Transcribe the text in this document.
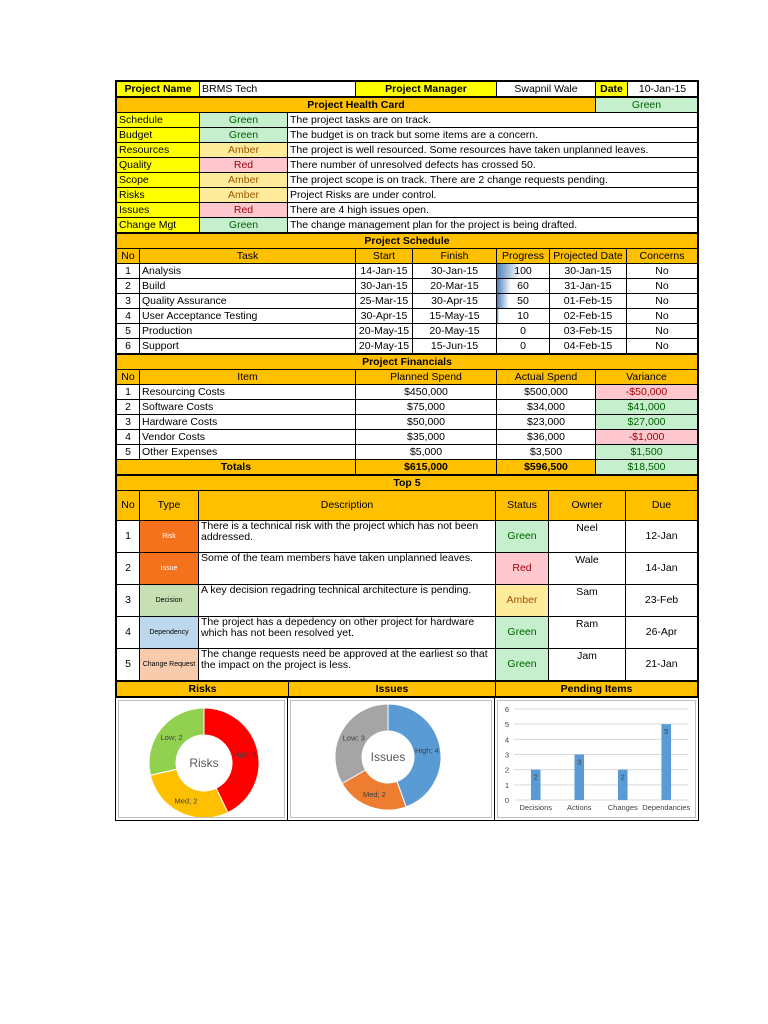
Project Name	BRMS Tech	Project Manager	Swapnil Wale	Date	10-Jan-15
Project Health Card			Green
Schedule	Green	The project tasks are on track.	
Budget	Green	The budget is on track but some items are a concern.	
Resources	Amber	The project is well resourced. Some resources have taken unplanned leaves.	
Quality	Red	There number of unresolved defects has crossed 50.	
Scope	Amber	The project scope is on track. There are 2 change requests pending.	
Risks	Amber	Project Risks are under control.	
Issues	Red	There are 4 high issues open.	
Change Mgt	Green	The change management plan for the project is being drafted.	
Project Schedule						
No	Task	Start	Finish	Progress	Projected Date	Concerns
1	Analysis	14-Jan-15	30-Jan-15	100	30-Jan-15	No
2	Build	30-Jan-15	20-Mar-15	60	31-Jan-15	No
3	Quality Assurance	25-Mar-15	30-Apr-15	50	01-Feb-15	No
4	User Acceptance Testing	30-Apr-15	15-May-15	10	02-Feb-15	No
5	Production	20-May-15	20-May-15	0	03-Feb-15	No
6	Support	20-May-15	15-Jun-15	0	04-Feb-15	No
Project Financials				
No	Item	Planned Spend	Actual Spend	Variance
1	Resourcing Costs	$450,000	$500,000	-$50,000
2	Software Costs	$75,000	$34,000	$41,000
3	Hardware Costs	$50,000	$23,000	$27,000
4	Vendor Costs	$35,000	$36,000	-$1,000
5	Other Expenses	$5,000	$3,500	$1,500
Totals		$615,000	$596,500	$18,500
Top 5					
No	Type	Description	Status	Owner	Due
1	Risk	There is a technical risk with the project which has not been addressed.	Green	Neel	12-Jan
2	Issue	Some of the team members have taken unplanned leaves.	Red	Wale	14-Jan
3	Decision	A key decision regadring technical architecture is pending.	Amber	Sam	23-Feb
4	Dependency	The project has a depedency on other project for hardware which has not been resolved yet.	Green	Ram	26-Apr
5	Change Request	The change requests need be approved at the earliest so that the impact on the project is less.	Green	Jam	21-Jan
Risks	Issues	Pending Items
High; 3
Med; 2
Low; 2
Risks
High; 4
Med; 2
Low; 3
Issues
0
1
2
3
4
5
6
2
Decisions
3
Actions
2
Changes
5
Dependancies
